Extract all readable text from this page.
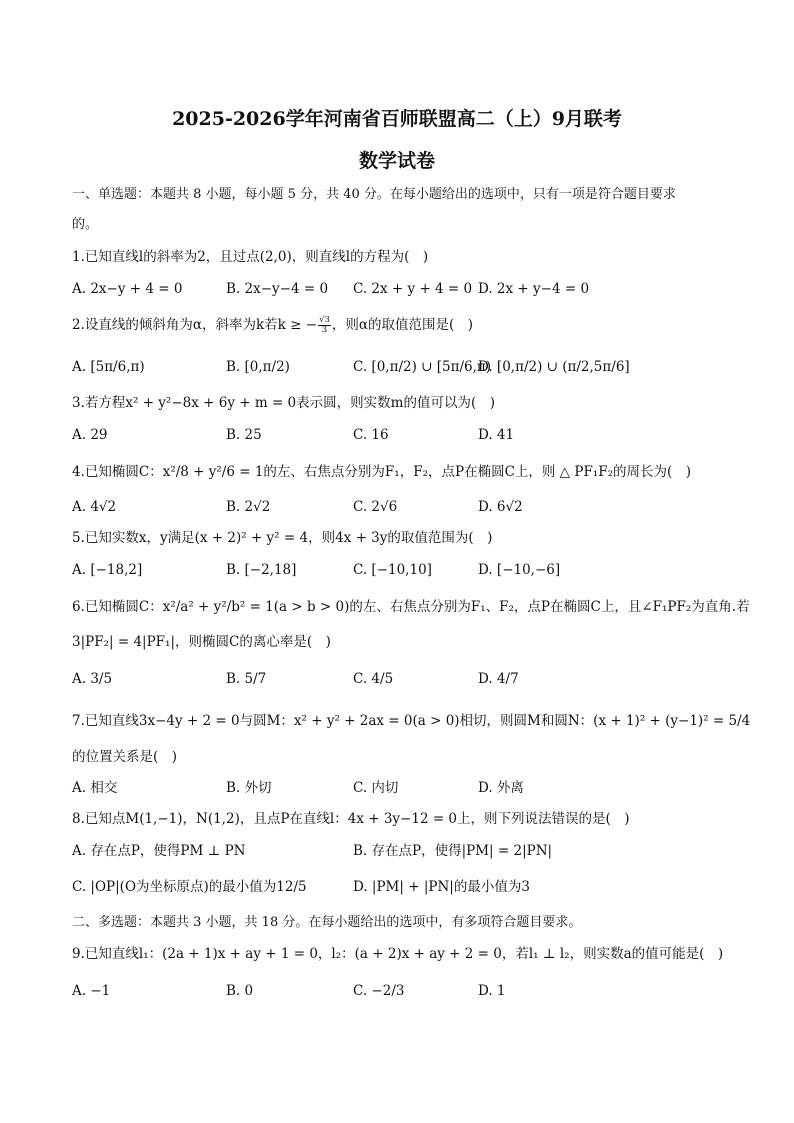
2025-2026学年河南省百师联盟高二（上）9月联考
数学试卷
一、单选题：本题共 8 小题，每小题 5 分，共 40 分。在每小题给出的选项中，只有一项是符合题目要求
的。
1.已知直线l的斜率为2，且过点(2,0)，则直线l的方程为(　)
A. 2x−y + 4 = 0	B. 2x−y−4 = 0 C. 2x + y + 4 = 0 D. 2x + y−4 = 0
2.设直线的倾斜角为α，斜率为k若k ≥ − $\frac{√3}{3}$ ，则α的取值范围是(　)
A. [5π/6,π)	B. [0,π/2)	C. [0,π/2) ∪ [5π/6,π)
D. [0,π/2) ∪ (π/2,5π/6]
3.若方程x² + y²−8x + 6y + m = 0表示圆，则实数m的值可以为(　)
A. 29	B. 25	C. 16	D. 41
4.已知椭圆C：x²/8 + y²/6 = 1的左、右焦点分别为F₁，F₂，点P在椭圆C上，则 △ PF₁F₂的周长为(　)
A. 4√2	B. 2√2	C. 2√6	D. 6√2
5.已知实数x，y满足(x + 2)² + y² = 4，则4x + 3y的取值范围为(　)
A. [−18,2]	B. [−2,18]	C. [−10,10]	D. [−10,−6]
6.已知椭圆C：x²/a² + y²/b² = 1(a > b > 0)的左、右焦点分别为F₁、F₂，点P在椭圆C上，且∠F₁PF₂为直角.若
3|PF₂| = 4|PF₁|，则椭圆C的离心率是(　)
A. 3/5	B. 5/7	C. 4/5	D. 4/7
7.已知直线3x−4y + 2 = 0与圆M：x² + y² + 2ax = 0(a > 0)相切，则圆M和圆N：(x + 1)² + (y−1)² = 5/4
的位置关系是(　)
A. 相交	B. 外切	C. 内切	D. 外离
8.已知点M(1,−1)，N(1,2)，且点P在直线l：4x + 3y−12 = 0上，则下列说法错误的是(　)
A. 存在点P，使得PM ⊥ PN	B. 存在点P，使得|PM| = 2|PN|
C. |OP|(O为坐标原点)的最小值为12/5	D. |PM| + |PN|的最小值为3
二、多选题：本题共 3 小题，共 18 分。在每小题给出的选项中，有多项符合题目要求。
9.已知直线l₁：(2a + 1)x + ay + 1 = 0，l₂：(a + 2)x + ay + 2 = 0，若l₁ ⊥ l₂，则实数a的值可能是(　)
A. −1	B. 0	C. −2/3	D. 1
